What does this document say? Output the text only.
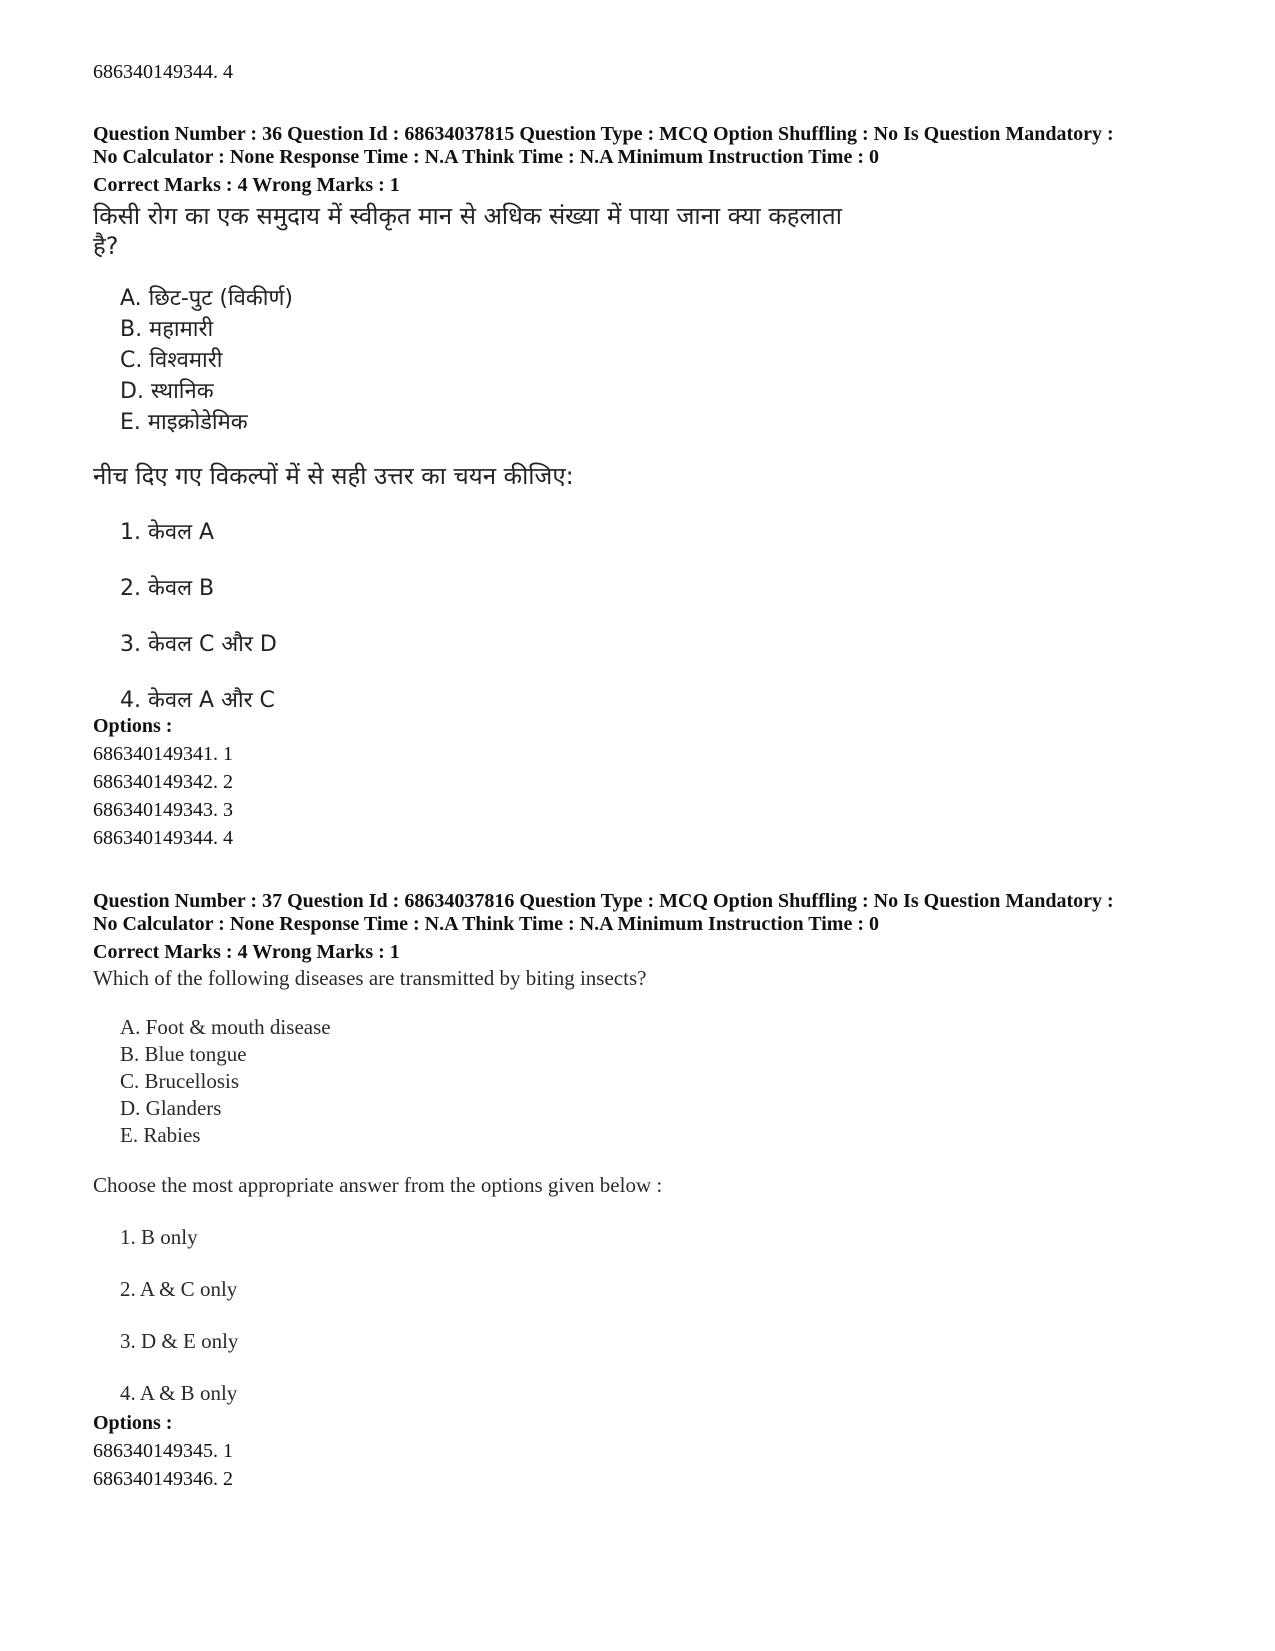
686340149344. 4
Question Number : 36 Question Id : 68634037815 Question Type : MCQ Option Shuffling : No Is Question Mandatory :
No Calculator : None Response Time : N.A Think Time : N.A Minimum Instruction Time : 0
Correct Marks : 4 Wrong Marks : 1
किसी रोग का एक समुदाय में स्वीकृत मान से अधिक संख्या में पाया जाना क्या कहलाता
है?
A. छिट-पुट (विकीर्ण)
B. महामारी
C. विश्वमारी
D. स्थानिक
E. माइक्रोडेमिक
नीच दिए गए विकल्पों में से सही उत्तर का चयन कीजिए:
1. केवल A
2. केवल B
3. केवल C और D
4. केवल A और C
Options :
686340149341. 1
686340149342. 2
686340149343. 3
686340149344. 4
Question Number : 37 Question Id : 68634037816 Question Type : MCQ Option Shuffling : No Is Question Mandatory :
No Calculator : None Response Time : N.A Think Time : N.A Minimum Instruction Time : 0
Correct Marks : 4 Wrong Marks : 1
Which of the following diseases are transmitted by biting insects?
A. Foot & mouth disease
B. Blue tongue
C. Brucellosis
D. Glanders
E. Rabies
Choose the most appropriate answer from the options given below :
1. B only
2. A & C only
3. D & E only
4. A & B only
Options :
686340149345. 1
686340149346. 2
